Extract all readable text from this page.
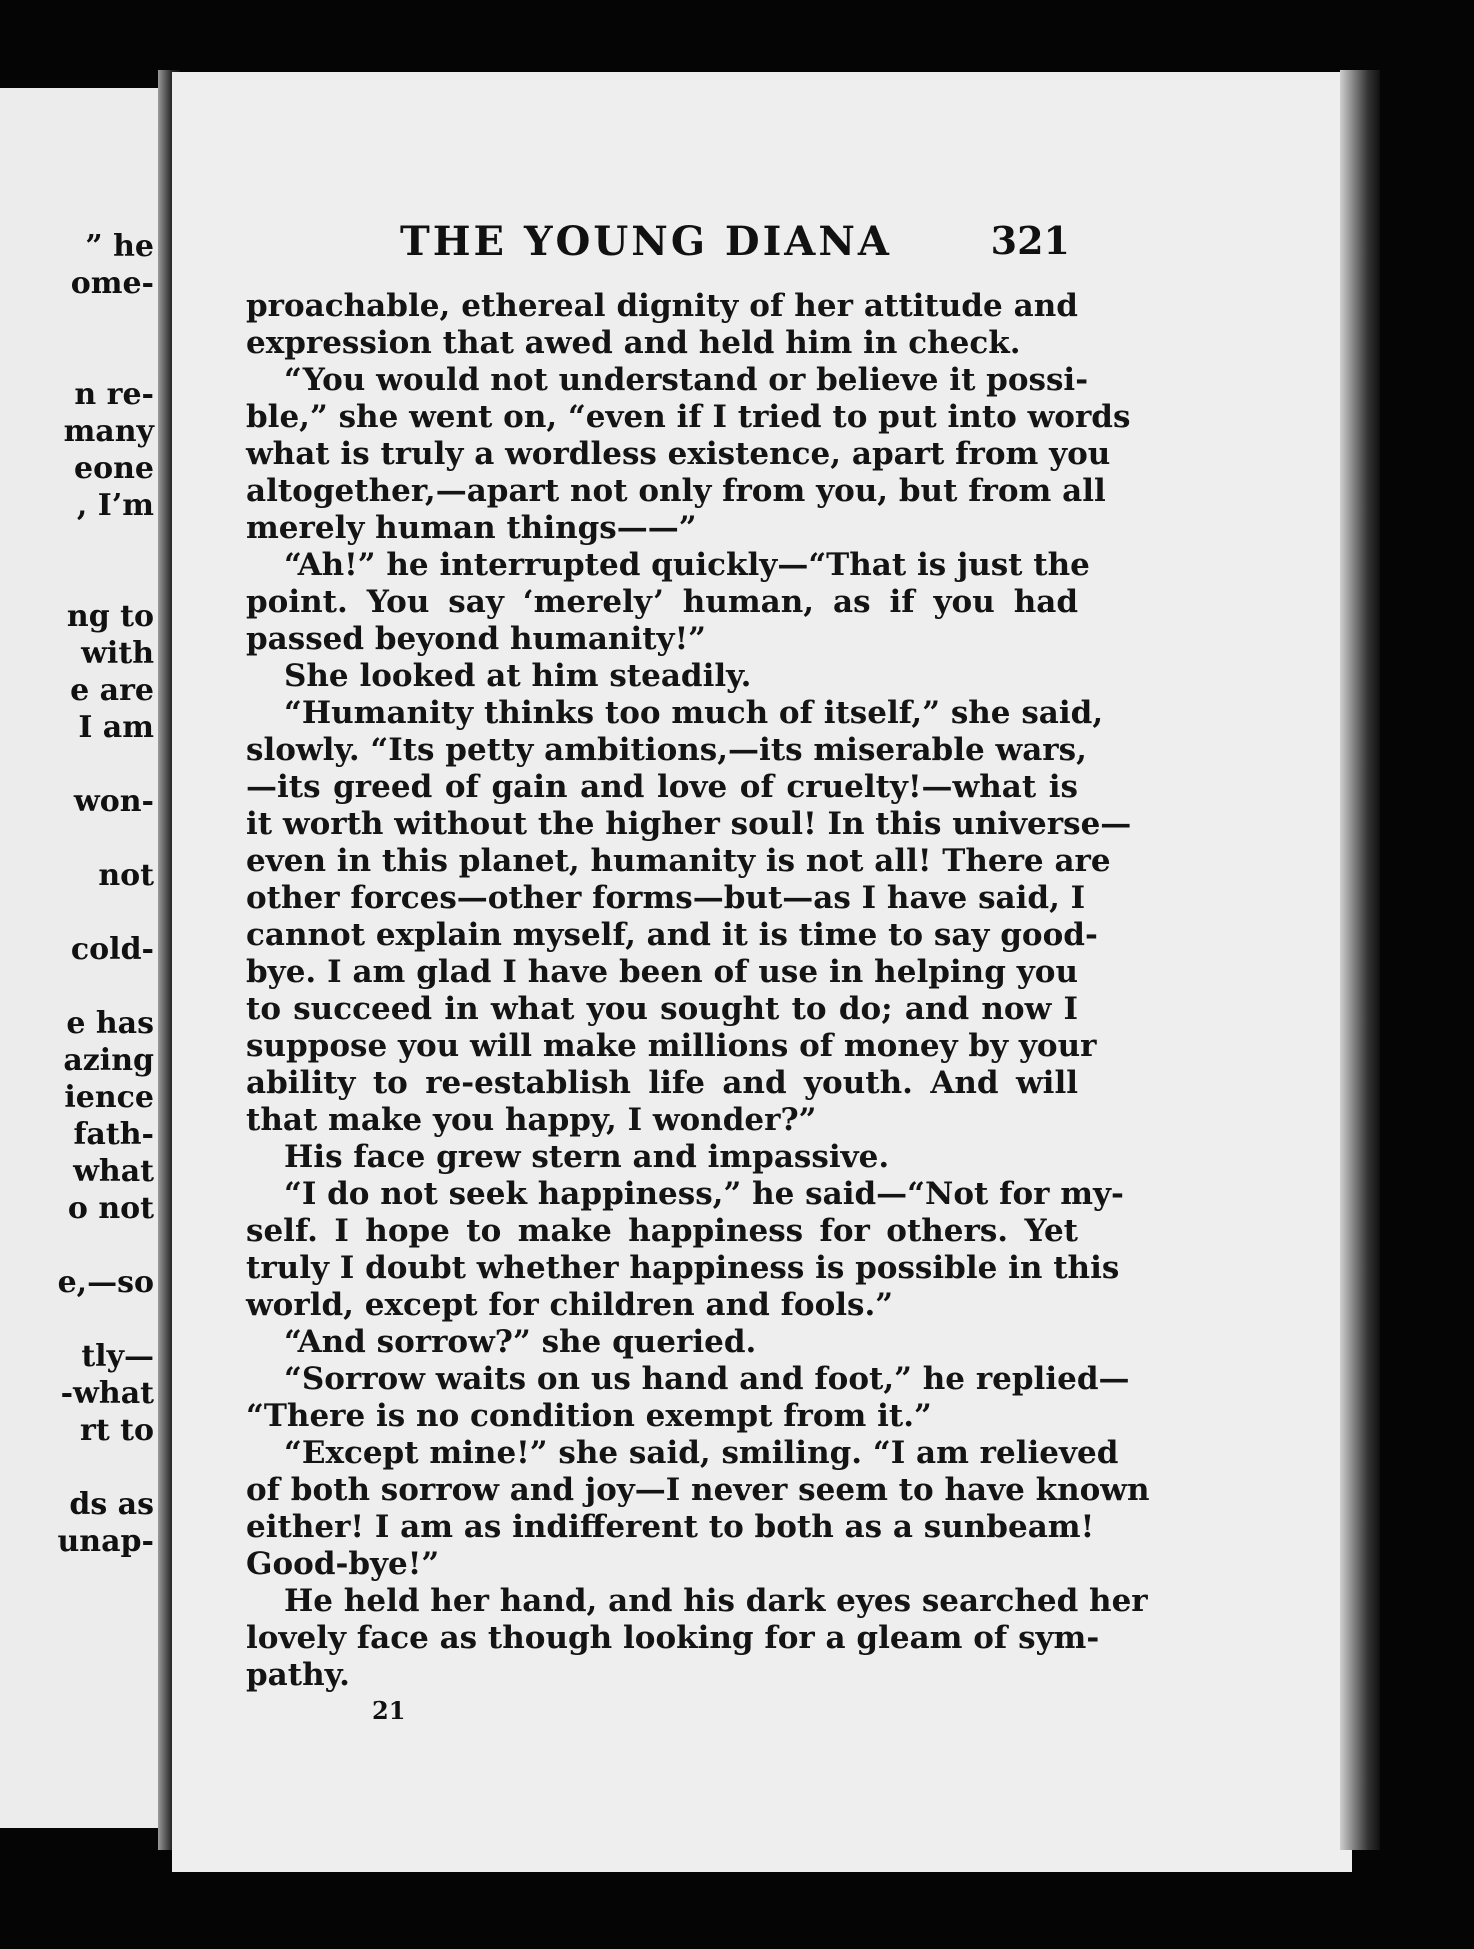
” he
ome-
n re-
many
eone
, I’m
ng to
with
e are
I am
won-
not
cold-
e has
azing
ience
fath-
what
o not
e,—so
tly—
-what
rt to
ds as
unap-
THE YOUNG DIANA	321
proachable, ethereal dignity of her attitude and
expression that awed and held him in check.
“You would not understand or believe it possi-
ble,” she went on, “even if I tried to put into words
what is truly a wordless existence, apart from you
altogether,—apart not only from you, but from all
merely human things——”
“Ah!” he interrupted quickly—“That is just the
point. You say ‘merely’ human, as if you had
passed beyond humanity!”
She looked at him steadily.
“Humanity thinks too much of itself,” she said,
slowly. “Its petty ambitions,—its miserable wars,
—its greed of gain and love of cruelty!—what is
it worth without the higher soul! In this universe—
even in this planet, humanity is not all! There are
other forces—other forms—but—as I have said, I
cannot explain myself, and it is time to say good-
bye. I am glad I have been of use in helping you
to succeed in what you sought to do; and now I
suppose you will make millions of money by your
ability to re-establish life and youth. And will
that make you happy, I wonder?”
His face grew stern and impassive.
“I do not seek happiness,” he said—“Not for my-
self. I hope to make happiness for others. Yet
truly I doubt whether happiness is possible in this
world, except for children and fools.”
“And sorrow?” she queried.
“Sorrow waits on us hand and foot,” he replied—
“There is no condition exempt from it.”
“Except mine!” she said, smiling. “I am relieved
of both sorrow and joy—I never seem to have known
either! I am as indifferent to both as a sunbeam!
Good-bye!”
He held her hand, and his dark eyes searched her
lovely face as though looking for a gleam of sym-
pathy.
21
